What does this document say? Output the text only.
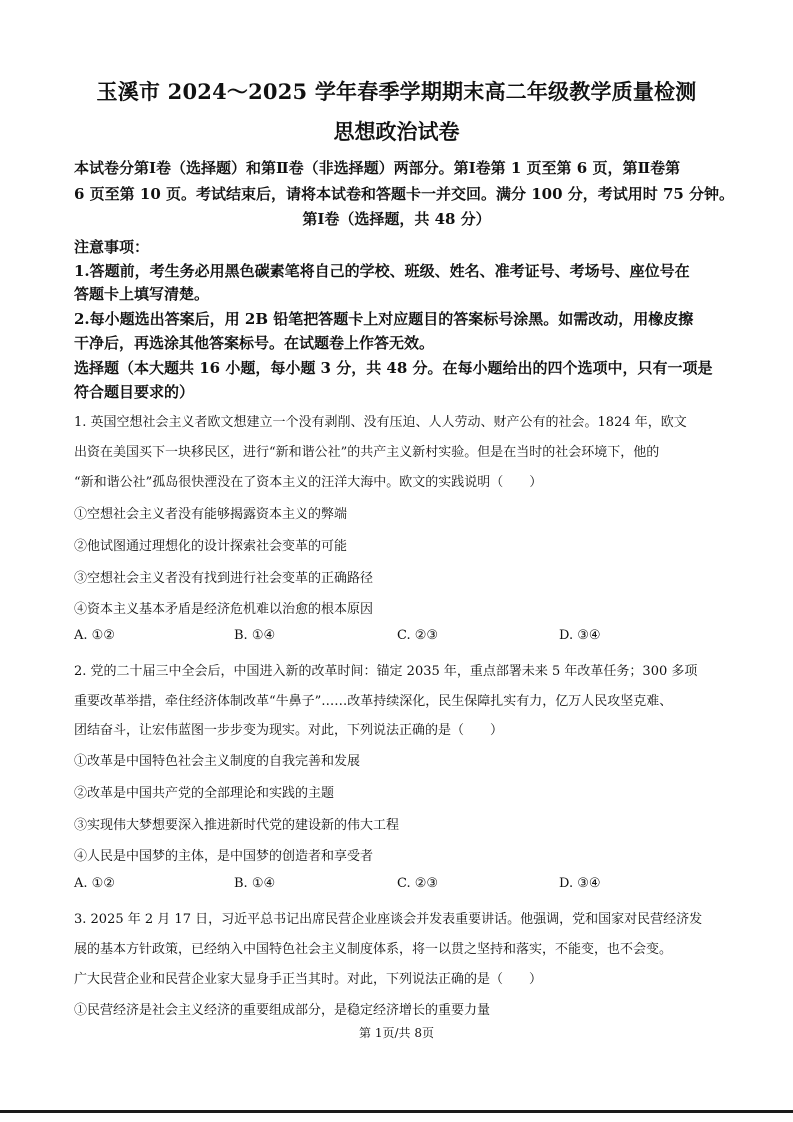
玉溪市 2024～2025 学年春季学期期末高二年级教学质量检测
思想政治试卷
本试卷分第Ⅰ卷（选择题）和第Ⅱ卷（非选择题）两部分。第Ⅰ卷第 1 页至第 6 页，第Ⅱ卷第
6 页至第 10 页。考试结束后，请将本试卷和答题卡一并交回。满分 100 分，考试用时 75 分钟。
第Ⅰ卷（选择题，共 48 分）
注意事项：
1.答题前，考生务必用黑色碳素笔将自己的学校、班级、姓名、准考证号、考场号、座位号在
答题卡上填写清楚。
2.每小题选出答案后，用 2B 铅笔把答题卡上对应题目的答案标号涂黑。如需改动，用橡皮擦
干净后，再选涂其他答案标号。在试题卷上作答无效。
选择题（本大题共 16 小题，每小题 3 分，共 48 分。在每小题给出的四个选项中，只有一项是
符合题目要求的）
1. 英国空想社会主义者欧文想建立一个没有剥削、没有压迫、人人劳动、财产公有的社会。1824 年，欧文
出资在美国买下一块移民区，进行“新和谐公社”的共产主义新村实验。但是在当时的社会环境下，他的
“新和谐公社”孤岛很快湮没在了资本主义的汪洋大海中。欧文的实践说明（　　）
①空想社会主义者没有能够揭露资本主义的弊端
②他试图通过理想化的设计探索社会变革的可能
③空想社会主义者没有找到进行社会变革的正确路径
④资本主义基本矛盾是经济危机难以治愈的根本原因
A. ①②	B. ①④	C. ②③	D. ③④
2. 党的二十届三中全会后，中国进入新的改革时间：锚定 2035 年，重点部署未来 5 年改革任务；300 多项
重要改革举措，牵住经济体制改革“牛鼻子”……改革持续深化，民生保障扎实有力，亿万人民攻坚克难、
团结奋斗，让宏伟蓝图一步步变为现实。对此，下列说法正确的是（　　）
①改革是中国特色社会主义制度的自我完善和发展
②改革是中国共产党的全部理论和实践的主题
③实现伟大梦想要深入推进新时代党的建设新的伟大工程
④人民是中国梦的主体，是中国梦的创造者和享受者
A. ①②	B. ①④	C. ②③	D. ③④
3. 2025 年 2 月 17 日，习近平总书记出席民营企业座谈会并发表重要讲话。他强调，党和国家对民营经济发
展的基本方针政策，已经纳入中国特色社会主义制度体系，将一以贯之坚持和落实，不能变，也不会变。
广大民营企业和民营企业家大显身手正当其时。对此，下列说法正确的是（　　）
①民营经济是社会主义经济的重要组成部分，是稳定经济增长的重要力量
第 1页/共 8页
